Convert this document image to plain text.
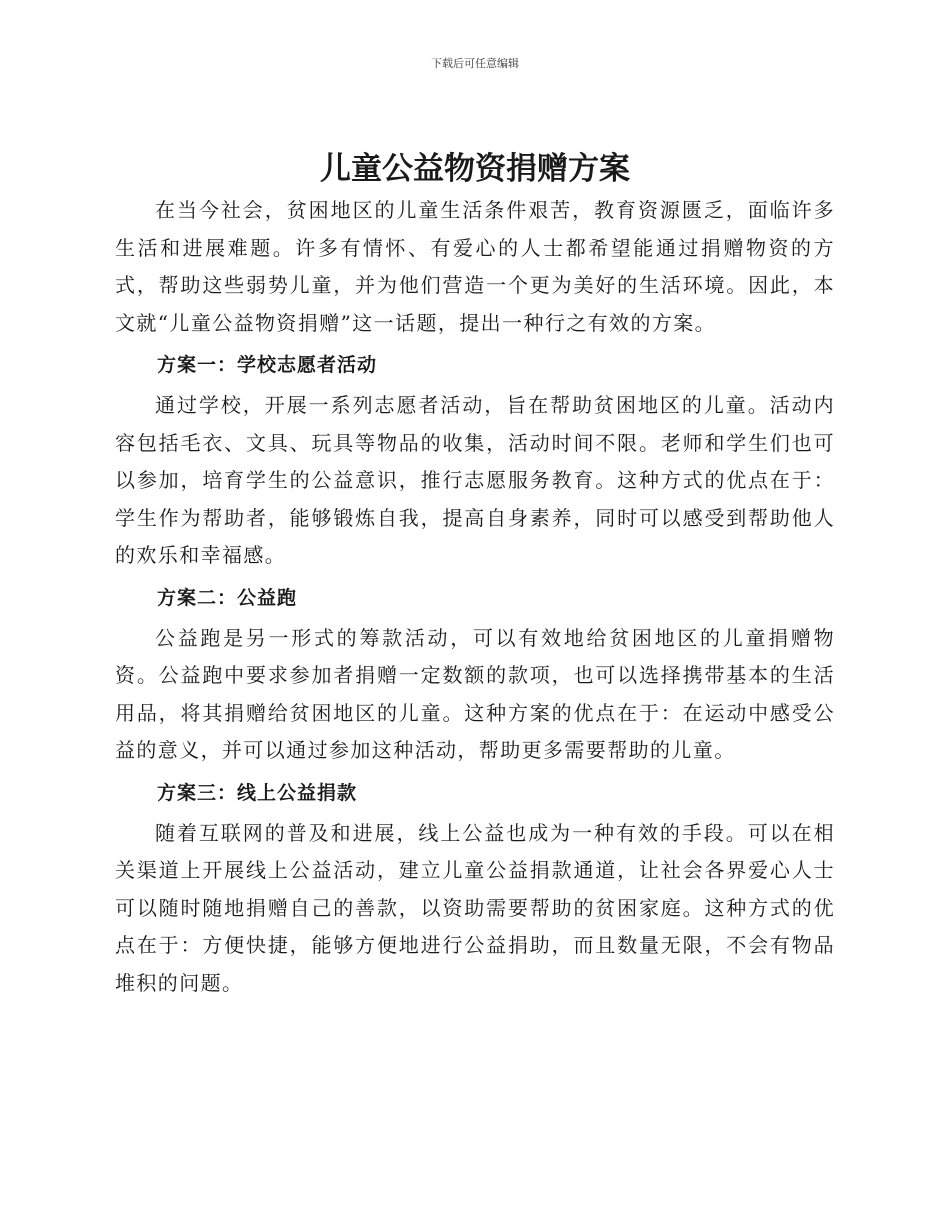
下载后可任意编辑
儿童公益物资捐赠方案

在当今社会，贫困地区的儿童生活条件艰苦，教育资源匮乏，面临许多生活和进展难题。许多有情怀、有爱心的人士都希望能通过捐赠物资的方式，帮助这些弱势儿童，并为他们营造一个更为美好的生活环境。因此，本文就“儿童公益物资捐赠”这一话题，提出一种行之有效的方案。

方案一：学校志愿者活动

通过学校，开展一系列志愿者活动，旨在帮助贫困地区的儿童。活动内容包括毛衣、文具、玩具等物品的收集，活动时间不限。老师和学生们也可以参加，培育学生的公益意识，推行志愿服务教育。这种方式的优点在于：学生作为帮助者，能够锻炼自我，提高自身素养，同时可以感受到帮助他人的欢乐和幸福感。

方案二：公益跑

公益跑是另一形式的筹款活动，可以有效地给贫困地区的儿童捐赠物资。公益跑中要求参加者捐赠一定数额的款项，也可以选择携带基本的生活用品，将其捐赠给贫困地区的儿童。这种方案的优点在于：在运动中感受公益的意义，并可以通过参加这种活动，帮助更多需要帮助的儿童。

方案三：线上公益捐款

随着互联网的普及和进展，线上公益也成为一种有效的手段。可以在相关渠道上开展线上公益活动，建立儿童公益捐款通道，让社会各界爱心人士可以随时随地捐赠自己的善款，以资助需要帮助的贫困家庭。这种方式的优点在于：方便快捷，能够方便地进行公益捐助，而且数量无限，不会有物品堆积的问题。
